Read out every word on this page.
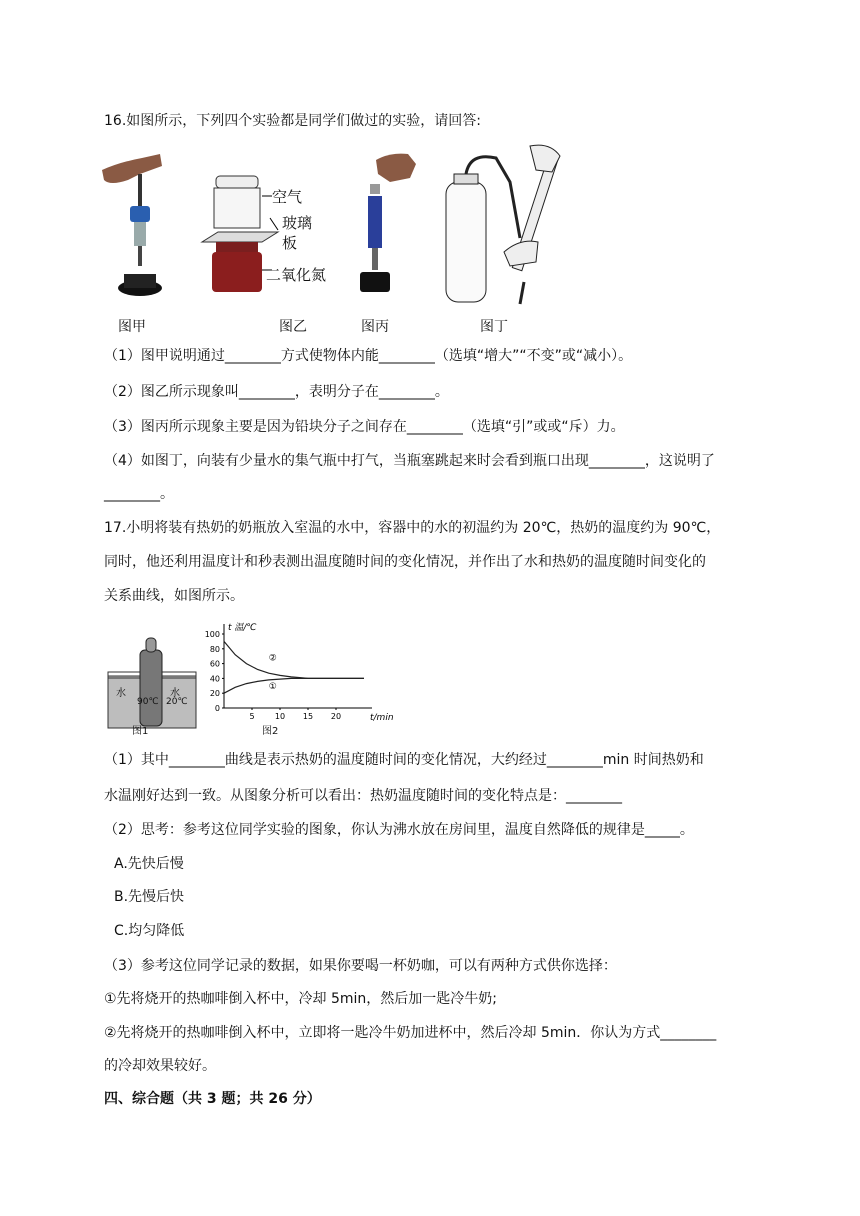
16.如图所示，下列四个实验都是同学们做过的实验，请回答:
图甲
空气
玻璃
板
二氧化氮
图乙	图丙	图丁
（1）图甲说明通过________方式使物体内能________（选填“增大”“不变”或“减小）。
（2）图乙所示现象叫________，表明分子在________。
（3）图丙所示现象主要是因为铅块分子之间存在________（选填“引”或或“斥）力。
（4）如图丁，向装有少量水的集气瓶中打气，当瓶塞跳起来时会看到瓶口出现________，这说明了
________。
17.小明将装有热奶的奶瓶放入室温的水中，容器中的水的初温约为 20℃，热奶的温度约为 90℃，
同时，他还利用温度计和秒表测出温度随时间的变化情况，并作出了水和热奶的温度随时间变化的
关系曲线，如图所示。
水	水
90℃ 20℃
图1
0
20
40
60
80
100
5	10 15 20	t/min
t 温/℃
②
①
图2
（1）其中________曲线是表示热奶的温度随时间的变化情况，大约经过________min 时间热奶和
水温刚好达到一致。从图象分析可以看出：热奶温度随时间的变化特点是：________
（2）思考：参考这位同学实验的图象，你认为沸水放在房间里，温度自然降低的规律是_____。
A.先快后慢
B.先慢后快
C.均匀降低
（3）参考这位同学记录的数据，如果你要喝一杯奶咖，可以有两种方式供你选择：
①先将烧开的热咖啡倒入杯中，冷却 5min，然后加一匙冷牛奶;
②先将烧开的热咖啡倒入杯中，立即将一匙冷牛奶加进杯中，然后冷却 5min．你认为方式________
的冷却效果较好。
四、综合题（共 3 题；共 26 分）
